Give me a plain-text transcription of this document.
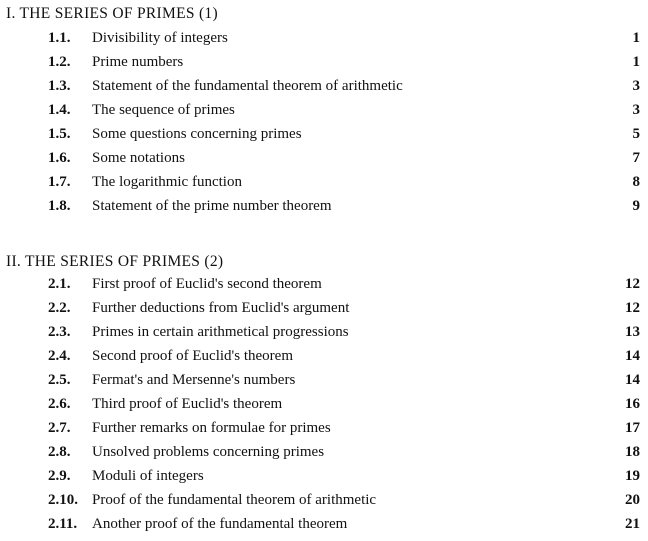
I. THE SERIES OF PRIMES (1)
1.1. Divisibility of integers	1
1.2. Prime numbers	1
1.3. Statement of the fundamental theorem of arithmetic	3
1.4. The sequence of primes	3
1.5. Some questions concerning primes	5
1.6. Some notations	7
1.7. The logarithmic function	8
1.8. Statement of the prime number theorem	9
II. THE SERIES OF PRIMES (2)
2.1. First proof of Euclid's second theorem	12
2.2. Further deductions from Euclid's argument	12
2.3. Primes in certain arithmetical progressions	13
2.4. Second proof of Euclid's theorem	14
2.5. Fermat's and Mersenne's numbers	14
2.6. Third proof of Euclid's theorem	16
2.7. Further remarks on formulae for primes	17
2.8. Unsolved problems concerning primes	18
2.9. Moduli of integers	19
2.10. Proof of the fundamental theorem of arithmetic	20
2.11. Another proof of the fundamental theorem	21
